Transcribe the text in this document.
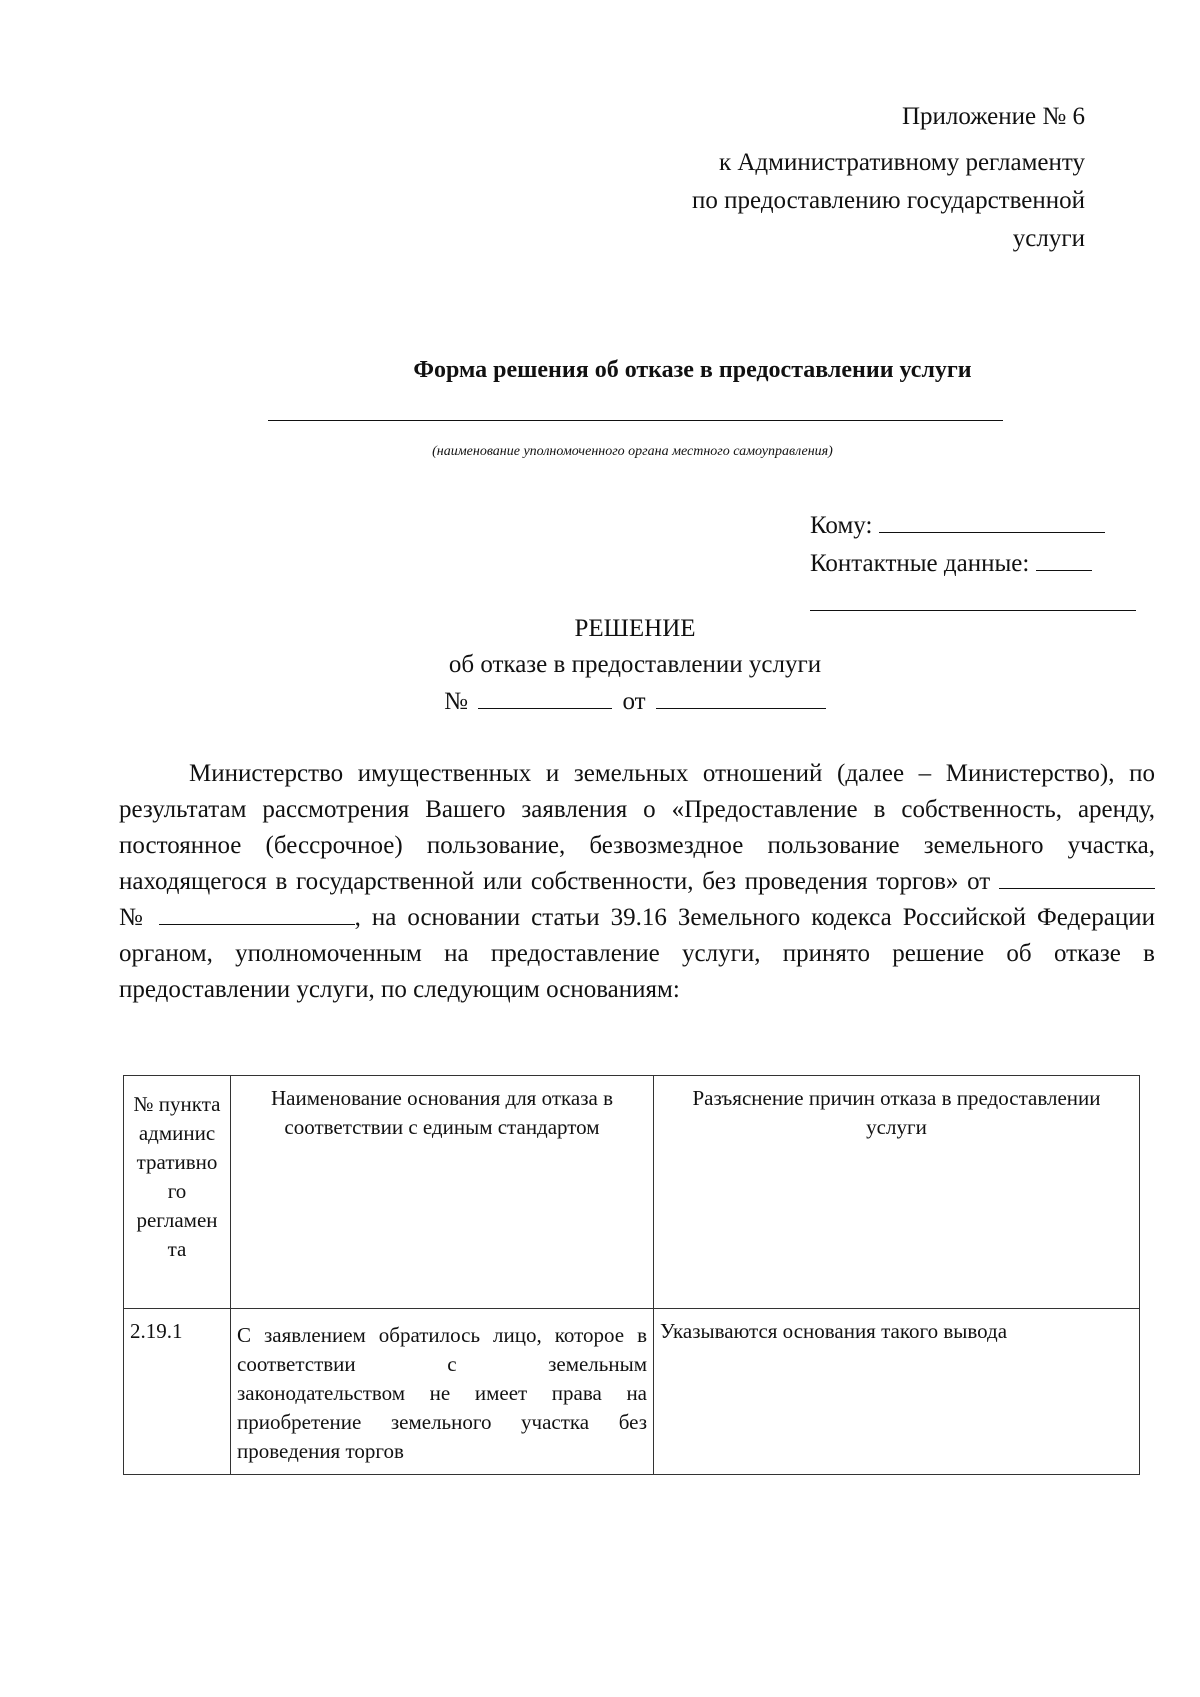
Приложение № 6
к Административному регламенту
по предоставлению государственной
услуги
Форма решения об отказе в предоставлении услуги
(наименование уполномоченного органа местного самоуправления)
Кому:
Контактные данные:
РЕШЕНИЕ
об отказе в предоставлении услуги
№	от

Министерство имущественных и земельных отношений (далее – Министерство), по результатам рассмотрения Вашего заявления о «Предоставление в собственность, аренду, постоянное (бессрочное) пользование, безвозмездное пользование земельного участка, находящегося в государственной или собственности, без проведения торгов» от  №	, на основании статьи 39.16 Земельного кодекса Российской Федерации органом, уполномоченным на предоставление услуги, принято решение об отказе в предоставлении услуги, по следующим основаниям:

№ пункта админис тративно го регламен та	Наименование основания для отказа в соответствии с единым стандартом	Разъяснение причин отказа в предоставлении услуги
2.19.1	С заявлением обратилось лицо, которое в соответствии с земельным законодательством не имеет права на приобретение земельного участка без проведения торгов	Указываются основания такого вывода
